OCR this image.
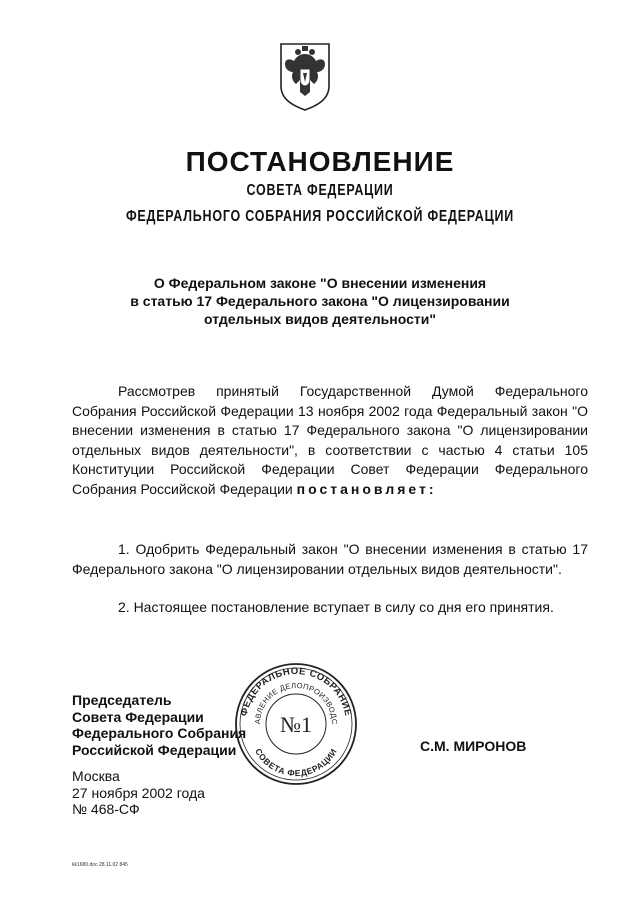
ПОСТАНОВЛЕНИЕ
СОВЕТА ФЕДЕРАЦИИ
ФЕДЕРАЛЬНОГО СОБРАНИЯ РОССИЙСКОЙ ФЕДЕРАЦИИ
О Федеральном законе "О внесении изменения
в статью 17 Федерального закона "О лицензировании
отдельных видов деятельности"

Рассмотрев принятый Государственной Думой Федерального Собрания Российской Федерации 13 ноября 2002 года Федеральный закон "О внесении изменения в статью 17 Федерального закона "О лицензировании отдельных видов деятельности", в соответствии с частью 4 статьи 105 Конституции Российской Федерации Совет Федерации Федерального Собрания Российской Федерации постановляет:

1. Одобрить Федеральный закон "О внесении изменения в статью 17 Федерального закона "О лицензировании отдельных видов деятельности".

2. Настоящее постановление вступает в силу со дня его принятия.

Председатель
Совета Федерации
Федерального Собрания
Российской Федерации	С.М. МИРОНОВ
Москва
27 ноября 2002 года
№ 468-СФ
kk1680.doc 28.11.02 845
ФЕДЕРАЛЬНОЕ СОБРАНИЕ
АВЛЕНИЕ ДЕЛОПРОИЗВОДС
СОВЕТА ФЕДЕРАЦИИ
№1
